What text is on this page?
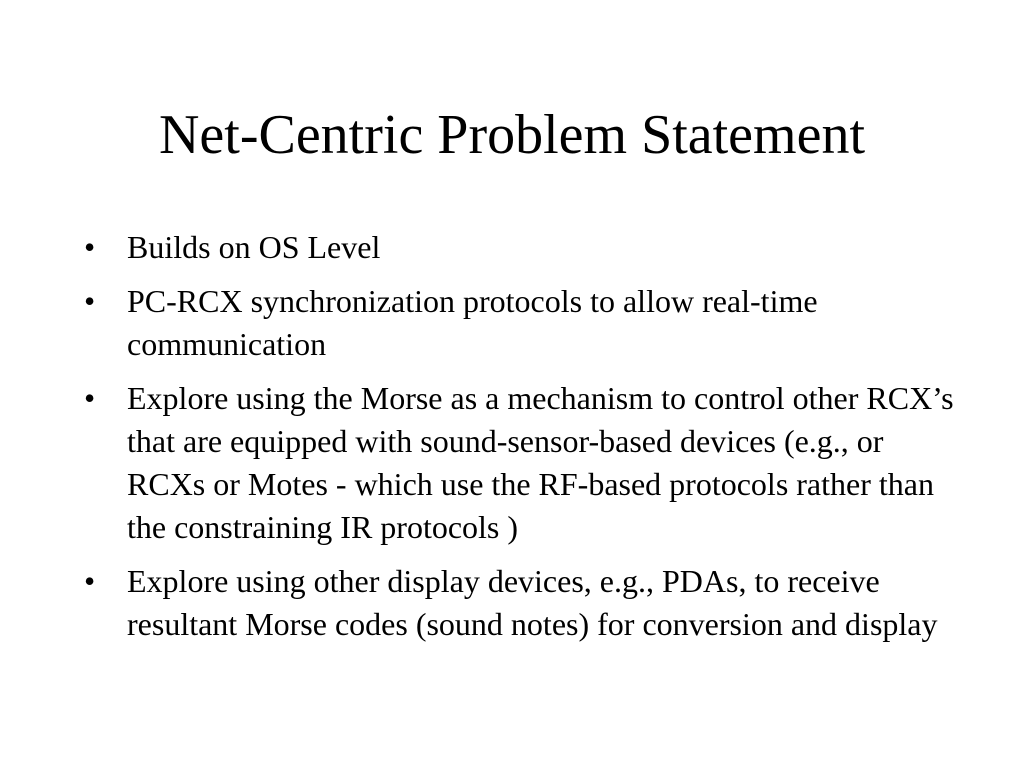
Net-Centric Problem Statement
• Builds on OS Level
• PC-RCX synchronization protocols to allow real-time communication
• Explore using the Morse as a mechanism to control other RCX’s that are equipped with sound-sensor-based devices (e.g., or RCXs or Motes - which use the RF-based protocols rather than the constraining IR protocols )
• Explore using other display devices, e.g., PDAs, to receive resultant Morse codes (sound notes) for conversion and display
